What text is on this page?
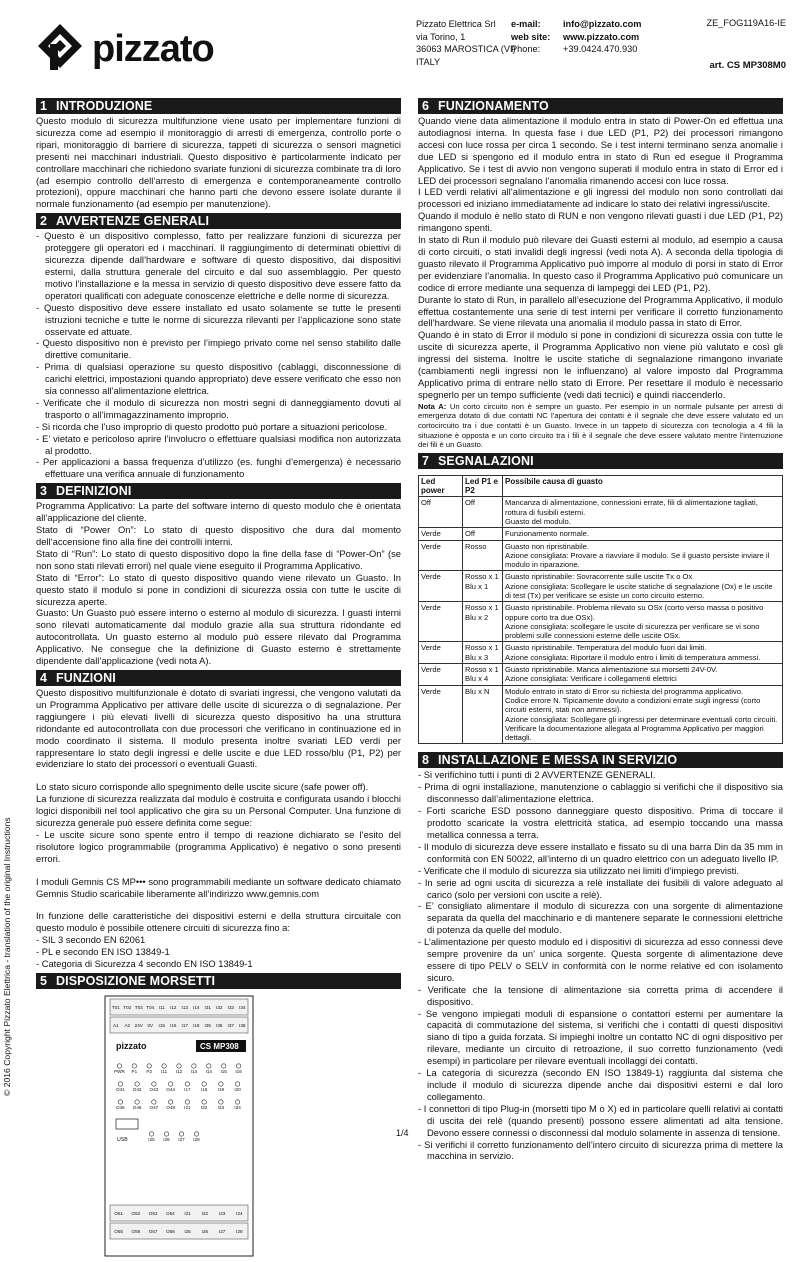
pizzato
Pizzato Elettrica Srl
via Torino, 1
36063 MAROSTICA (VI)
ITALY
e-mail: info@pizzato.com
web site: www.pizzato.com
Phone: +39.0424.470.930
ZE_FOG119A16-IE
art. CS MP308M0
1 INTRODUZIONE
Questo modulo di sicurezza multifunzione viene usato per implementare funzioni di sicurezza come ad esempio il monitoraggio di arresti di emergenza, controllo porte o ripari, monitoraggio di barriere di sicurezza, tappeti di sicurezza o sensori magnetici presenti nei macchinari industriali. Questo dispositivo è particolarmente indicato per controllare macchinari che richiedono svariate funzioni di sicurezza combinate tra di loro (ad esempio controllo dell’arresto di emergenza e contemporaneamente controllo protezioni), oppure macchinari che hanno parti che devono essere isolate durante il normale funzionamento (ad esempio per manutenzione).
2 AVVERTENZE GENERALI
- Questo è un dispositivo complesso, fatto per realizzare funzioni di sicurezza per proteggere gli operatori ed i macchinari. Il raggiungimento di determinati obiettivi di sicurezza dipende dall’hardware e software di questo dispositivo, dai dispositivi esterni, dalla struttura generale del circuito e dal suo assemblaggio. Per questo motivo l’installazione e la messa in servizio di questo dispositivo deve essere fatto da operatori qualificati con adeguate conoscenze elettriche e delle norme di sicurezza.
- Questo dispositivo deve essere installato ed usato solamente se tutte le presenti istruzioni tecniche e tutte le norme di sicurezza rilevanti per l’applicazione sono state osservate ed attuate.
- Questo dispositivo non è previsto per l’impiego privato come nel senso stabilito dalle direttive comunitarie.
- Prima di qualsiasi operazione su questo dispositivo (cablaggi, disconnessione di carichi elettrici, impostazioni quando appropriato) deve essere verificato che esso non sia connesso all’alimentazione elettrica.
- Verificate che il modulo di sicurezza non mostri segni di danneggiamento dovuti al trasporto o all’immagazzinamento improprio.
- Si ricorda che l’uso improprio di questo prodotto può portare a situazioni pericolose.
- E’ vietato e pericoloso aprire l’involucro o effettuare qualsiasi modifica non autorizzata al prodotto.
- Per applicazioni a bassa frequenza d’utilizzo (es. funghi d’emergenza) è necessario effettuare una verifica annuale di funzionamento
3 DEFINIZIONI
Programma Applicativo: La parte del software interno di questo modulo che è orientata all’applicazione del cliente.
Stato di “Power On”: Lo stato di questo dispositivo che dura dal momento dell’accensione fino alla fine dei controlli interni.
Stato di “Run”: Lo stato di questo dispositivo dopo la fine della fase di “Power-On” (se non sono stati rilevati errori) nel quale viene eseguito il Programma Applicativo.
Stato di “Error”: Lo stato di questo dispositivo quando viene rilevato un Guasto. In questo stato il modulo si pone in condizioni di sicurezza ossia con tutte le uscite di sicurezza aperte.
Guasto: Un Guasto può essere interno o esterno al modulo di sicurezza. I guasti interni sono rilevati automaticamente dal modulo grazie alla sua struttura ridondante ed autocontrollata. Un guasto esterno al modulo può essere rilevato dal Programma Applicativo. Ne consegue che la definizione di Guasto esterno è strettamente dipendente dall’applicazione (vedi nota A).
4 FUNZIONI
Questo dispositivo multifunzionale è dotato di svariati ingressi, che vengono valutati da un Programma Applicativo per attivare delle uscite di sicurezza o di segnalazione. Per raggiungere i più elevati livelli di sicurezza questo dispositivo ha una struttura ridondante ed autocontrollata con due processori che verificano in continuazione ed in modo coordinato il sistema. Il modulo presenta inoltre svariati LED verdi per rappresentare lo stato degli ingressi e delle uscite e due LED rosso/blu (P1, P2) per evidenziare lo stato dei processori o eventuali Guasti.
Lo stato sicuro corrisponde allo spegnimento delle uscite sicure (safe power off).
La funzione di sicurezza realizzata dal modulo è costruita e configurata usando i blocchi logici disponibili nel tool applicativo che gira su un Personal Computer. Una funzione di sicurezza generale può essere definita come segue:
- Le uscite sicure sono spente entro il tempo di reazione dichiarato se l’esito del risolutore logico programmabile (programma Applicativo) è negativo o sono presenti errori.
I moduli Gemnis CS MP••• sono programmabili mediante un software dedicato chiamato Gemnis Studio scaricabile liberamente all’indirizzo www.gemnis.com
In funzione delle caratteristiche dei dispositivi esterni e della struttura circuitale con questo modulo è possibile ottenere circuiti di sicurezza fino a:
- SIL 3 secondo EN 62061
- PL e secondo EN ISO 13849-1
- Categoria di Sicurezza 4 secondo EN ISO 13849-1
5 DISPOSIZIONE MORSETTI
T01 T02 T03 T04 I11 I12 I13 I14 I31 I32 I33 I34
A1 A2 24V 0V I15 I16 I17 I18 I35 I36 I37 I38
pizzato	CS MP308
PWR P1 P2 I11 I12 I13 I14 I15 I16
O41 O42 O43 O44 I17 I18 I19 I20
O45 O46 O47 O48 I21 I22 I23 I24
USB	I25 I26 I27 I28
O51 O52 O53 O54 I21 I22 I23 I24
O55 O56 O57 O58 I25 I26 I27 I28
6 FUNZIONAMENTO
Quando viene data alimentazione il modulo entra in stato di Power-On ed effettua una autodiagnosi interna. In questa fase i due LED (P1, P2) dei processori rimangono accesi con luce rossa per circa 1 secondo. Se i test interni terminano senza anomalie i due LED si spengono ed il modulo entra in stato di Run ed esegue il Programma Applicativo. Se i test di avvio non vengono superati il modulo entra in stato di Error ed i LED dei processori segnalano l’anomalia rimanendo accesi con luce rossa.
I LED verdi relativi all’alimentazione e gli ingressi del modulo non sono controllati dai processori ed iniziano immediatamente ad indicare lo stato dei relativi ingressi/uscite.
Quando il modulo è nello stato di RUN e non vengono rilevati guasti i due LED (P1, P2) rimangono spenti.
In stato di Run il modulo può rilevare dei Guasti esterni al modulo, ad esempio a causa di corto circuiti, o stati invalidi degli ingressi (vedi nota A). A seconda della tipologia di guasto rilevato il Programma Applicativo può imporre al modulo di porsi in stato di Error per evidenziare l’anomalia. In questo caso il Programma Applicativo può comunicare un codice di errore mediante una sequenza di lampeggi dei LED (P1, P2).
Durante lo stato di Run, in parallelo all’esecuzione del Programma Applicativo, il modulo effettua costantemente una serie di test interni per verificare il corretto funzionamento dell’hardware. Se viene rilevata una anomalia il modulo passa in stato di Error.
Quando è in stato di Error il modulo si pone in condizioni di sicurezza ossia con tutte le uscite di sicurezza aperte, il Programma Applicativo non viene più valutato e così gli ingressi del sistema. Inoltre le uscite statiche di segnalazione rimangono invariate (cambiamenti negli ingressi non le influenzano) al valore imposto dal Programma Applicativo prima di entrare nello stato di Errore. Per resettare il modulo è necessario spegnerlo per un tempo sufficiente (vedi dati tecnici) e quindi riaccenderlo.
Nota A: Un corto circuito non è sempre un guasto. Per esempio in un normale pulsante per arresti di emergenza dotato di due contatti NC l’apertura dei contatti è il segnale che deve essere valutato ed un cortocircuito tra i due contatti è un Guasto. Invece in un tappeto di sicurezza con tecnologia a 4 fili la situazione è opposta e un corto circuito tra i fili è il segnale che deve essere valutato mentre l’interruzione dei fili è un Guasto.
7 SEGNALAZIONI
Led power	Led P1 e P2	Possibile causa di guasto
Off	Off	Mancanza di alimentazione, connessioni errate, fili di alimentazione tagliati, rottura di fusibili esterni.
Guasto del modulo.
Verde	Off	Funzionamento normale.
Verde	Rosso	Guasto non ripristinabile.
Azione consigliata: Provare a riavviare il modulo. Se il guasto persiste inviare il modulo in riparazione.
Verde	Rosso x 1
Blu x 1	Guasto ripristinabile: Sovracorrente sulle uscite Tx o Ox
Azione consigliata: Scollegare le uscite statiche di segnalazione (Ox) e le uscite di test (Tx) per verificare se esiste un corto circuito esterno.
Verde	Rosso x 1
Blu x 2	Guasto ripristinabile. Problema rilevato su OSx (corto verso massa o positivo oppure corto tra due OSx).
Azione consigliata: scollegare le uscite di sicurezza per verificare se vi sono problemi sulle connessioni esterne delle uscite OSx.
Verde	Rosso x 1
Blu x 3	Guasto ripristinabile. Temperatura del modulo fuori dai limiti.
Azione consigliata: Riportare il modulo entro i limiti di temperatura ammessi.
Verde	Rosso x 1
Blu x 4	Guasto ripristinabile. Manca alimentazione sui morsetti 24V-0V.
Azione consigliata: Verificare i collegamenti elettrici
Verde	Blu x N	Modulo entrato in stato di Error su richiesta del programma applicativo.
Codice errore N. Tipicamente dovuto a condizioni errate sugli ingressi (corto circuiti esterni, stati non ammessi).
Azione consigliata: Scollegare gli ingressi per determinare eventuali corto circuiti. Verificare la documentazione allegata al Programma Applicativo per maggiori dettagli.
8 INSTALLAZIONE E MESSA IN SERVIZIO
- Si verifichino tutti i punti di 2 AVVERTENZE GENERALI.
- Prima di ogni installazione, manutenzione o cablaggio si verifichi che il dispositivo sia disconnesso dall’alimentazione elettrica.
- Forti scariche ESD possono danneggiare questo dispositivo. Prima di toccare il prodotto scaricate la vostra elettricità statica, ad esempio toccando una massa metallica connessa a terra.
- Il modulo di sicurezza deve essere installato e fissato su di una barra Din da 35 mm in conformità con EN 50022, all’interno di un quadro elettrico con un adeguato livello IP.
- Verificate che il modulo di sicurezza sia utilizzato nei limiti d’impiego previsti.
- In serie ad ogni uscita di sicurezza a relè installate dei fusibili di valore adeguato al carico (solo per versioni con uscite a relè).
- E’ consigliato alimentare il modulo di sicurezza con una sorgente di alimentazione separata da quella del macchinario e di mantenere separate le connessioni elettriche di potenza da quelle del modulo.
- L’alimentazione per questo modulo ed i dispositivi di sicurezza ad esso connessi deve sempre provenire da un’ unica sorgente. Questa sorgente di alimentazione deve essere di tipo PELV o SELV in conformità con le norme relative ed con isolamento sicuro.
- Verificate che la tensione di alimentazione sia corretta prima di accendere il dispositivo.
- Se vengono impiegati moduli di espansione o contattori esterni per aumentare la capacità di commutazione del sistema, si verifichi che i contatti di questi dispositivi siano di tipo a guida forzata. Si impieghi inoltre un contatto NC di ogni dispositivo per rilevare, mediante un circuito di retroazione, il suo corretto funzionamento (vedi esempi) in particolare per rilevare eventuali incollaggi dei contatti.
- La categoria di sicurezza (secondo EN ISO 13849-1) raggiunta dal sistema che include il modulo di sicurezza dipende anche dai dispositivi esterni e dal loro collegamento.
- I connettori di tipo Plug-in (morsetti tipo M o X) ed in particolare quelli relativi ai contatti di uscita dei relè (quando presenti) possono essere alimentati ad alta tensione. Devono essere connessi o disconnessi dal modulo solamente in assenza di tensione.
- Si verifichi il corretto funzionamento dell’intero circuito di sicurezza prima di mettere la macchina in servizio.
© 2016 Copyright Pizzato Elettrica - translation of the original Instructions
1/4
